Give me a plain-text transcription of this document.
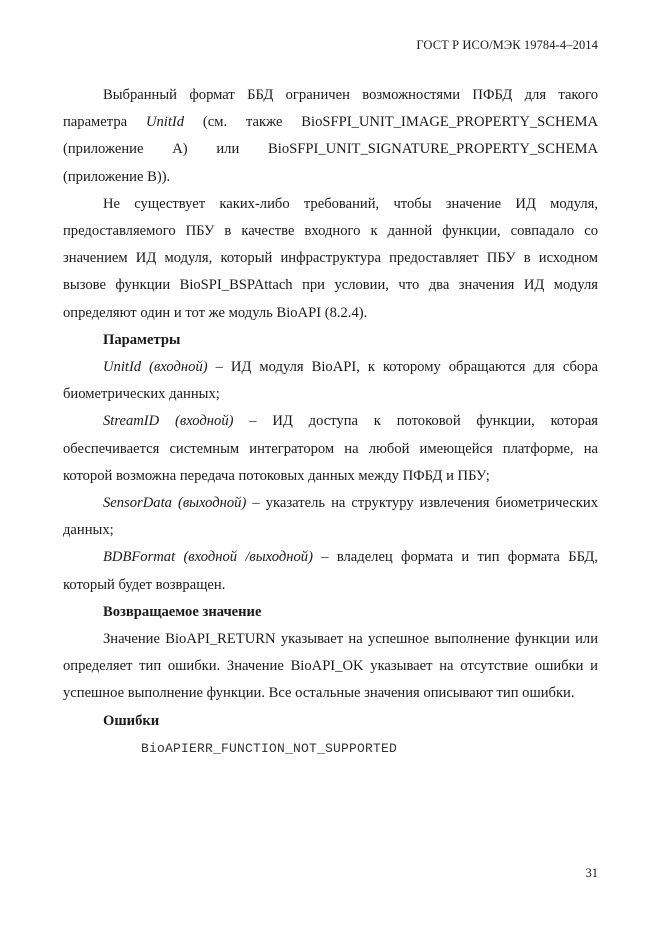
ГОСТ Р ИСО/МЭК 19784-4–2014

Выбранный формат ББД ограничен возможностями ПФБД для такого параметра UnitId (см. также BioSFPI_UNIT_IMAGE_PROPERTY_SCHEMA (приложение А) или BioSFPI_UNIT_SIGNATURE_PROPERTY_SCHEMA (приложение В)).

Не существует каких-либо требований, чтобы значение ИД модуля, предоставляемого ПБУ в качестве входного к данной функции, совпадало со значением ИД модуля, который инфраструктура предоставляет ПБУ в исходном вызове функции BioSPI_BSPAttach при условии, что два значения ИД модуля определяют один и тот же модуль BioAPI (8.2.4).

Параметры

UnitId (входной) – ИД модуля BioAPI, к которому обращаются для сбора биометрических данных;

StreamID (входной) – ИД доступа к потоковой функции, которая обеспечивается системным интегратором на любой имеющейся платформе, на которой возможна передача потоковых данных между ПФБД и ПБУ;

SensorData (выходной) – указатель на структуру извлечения биометрических данных;

BDBFormat (входной /выходной) – владелец формата и тип формата ББД, который будет возвращен.

Возвращаемое значение

Значение BioAPI_RETURN указывает на успешное выполнение функции или определяет тип ошибки. Значение BioAPI_OK указывает на отсутствие ошибки и успешное выполнение функции. Все остальные значения описывают тип ошибки.

Ошибки

BioAPIERR_FUNCTION_NOT_SUPPORTED

31
